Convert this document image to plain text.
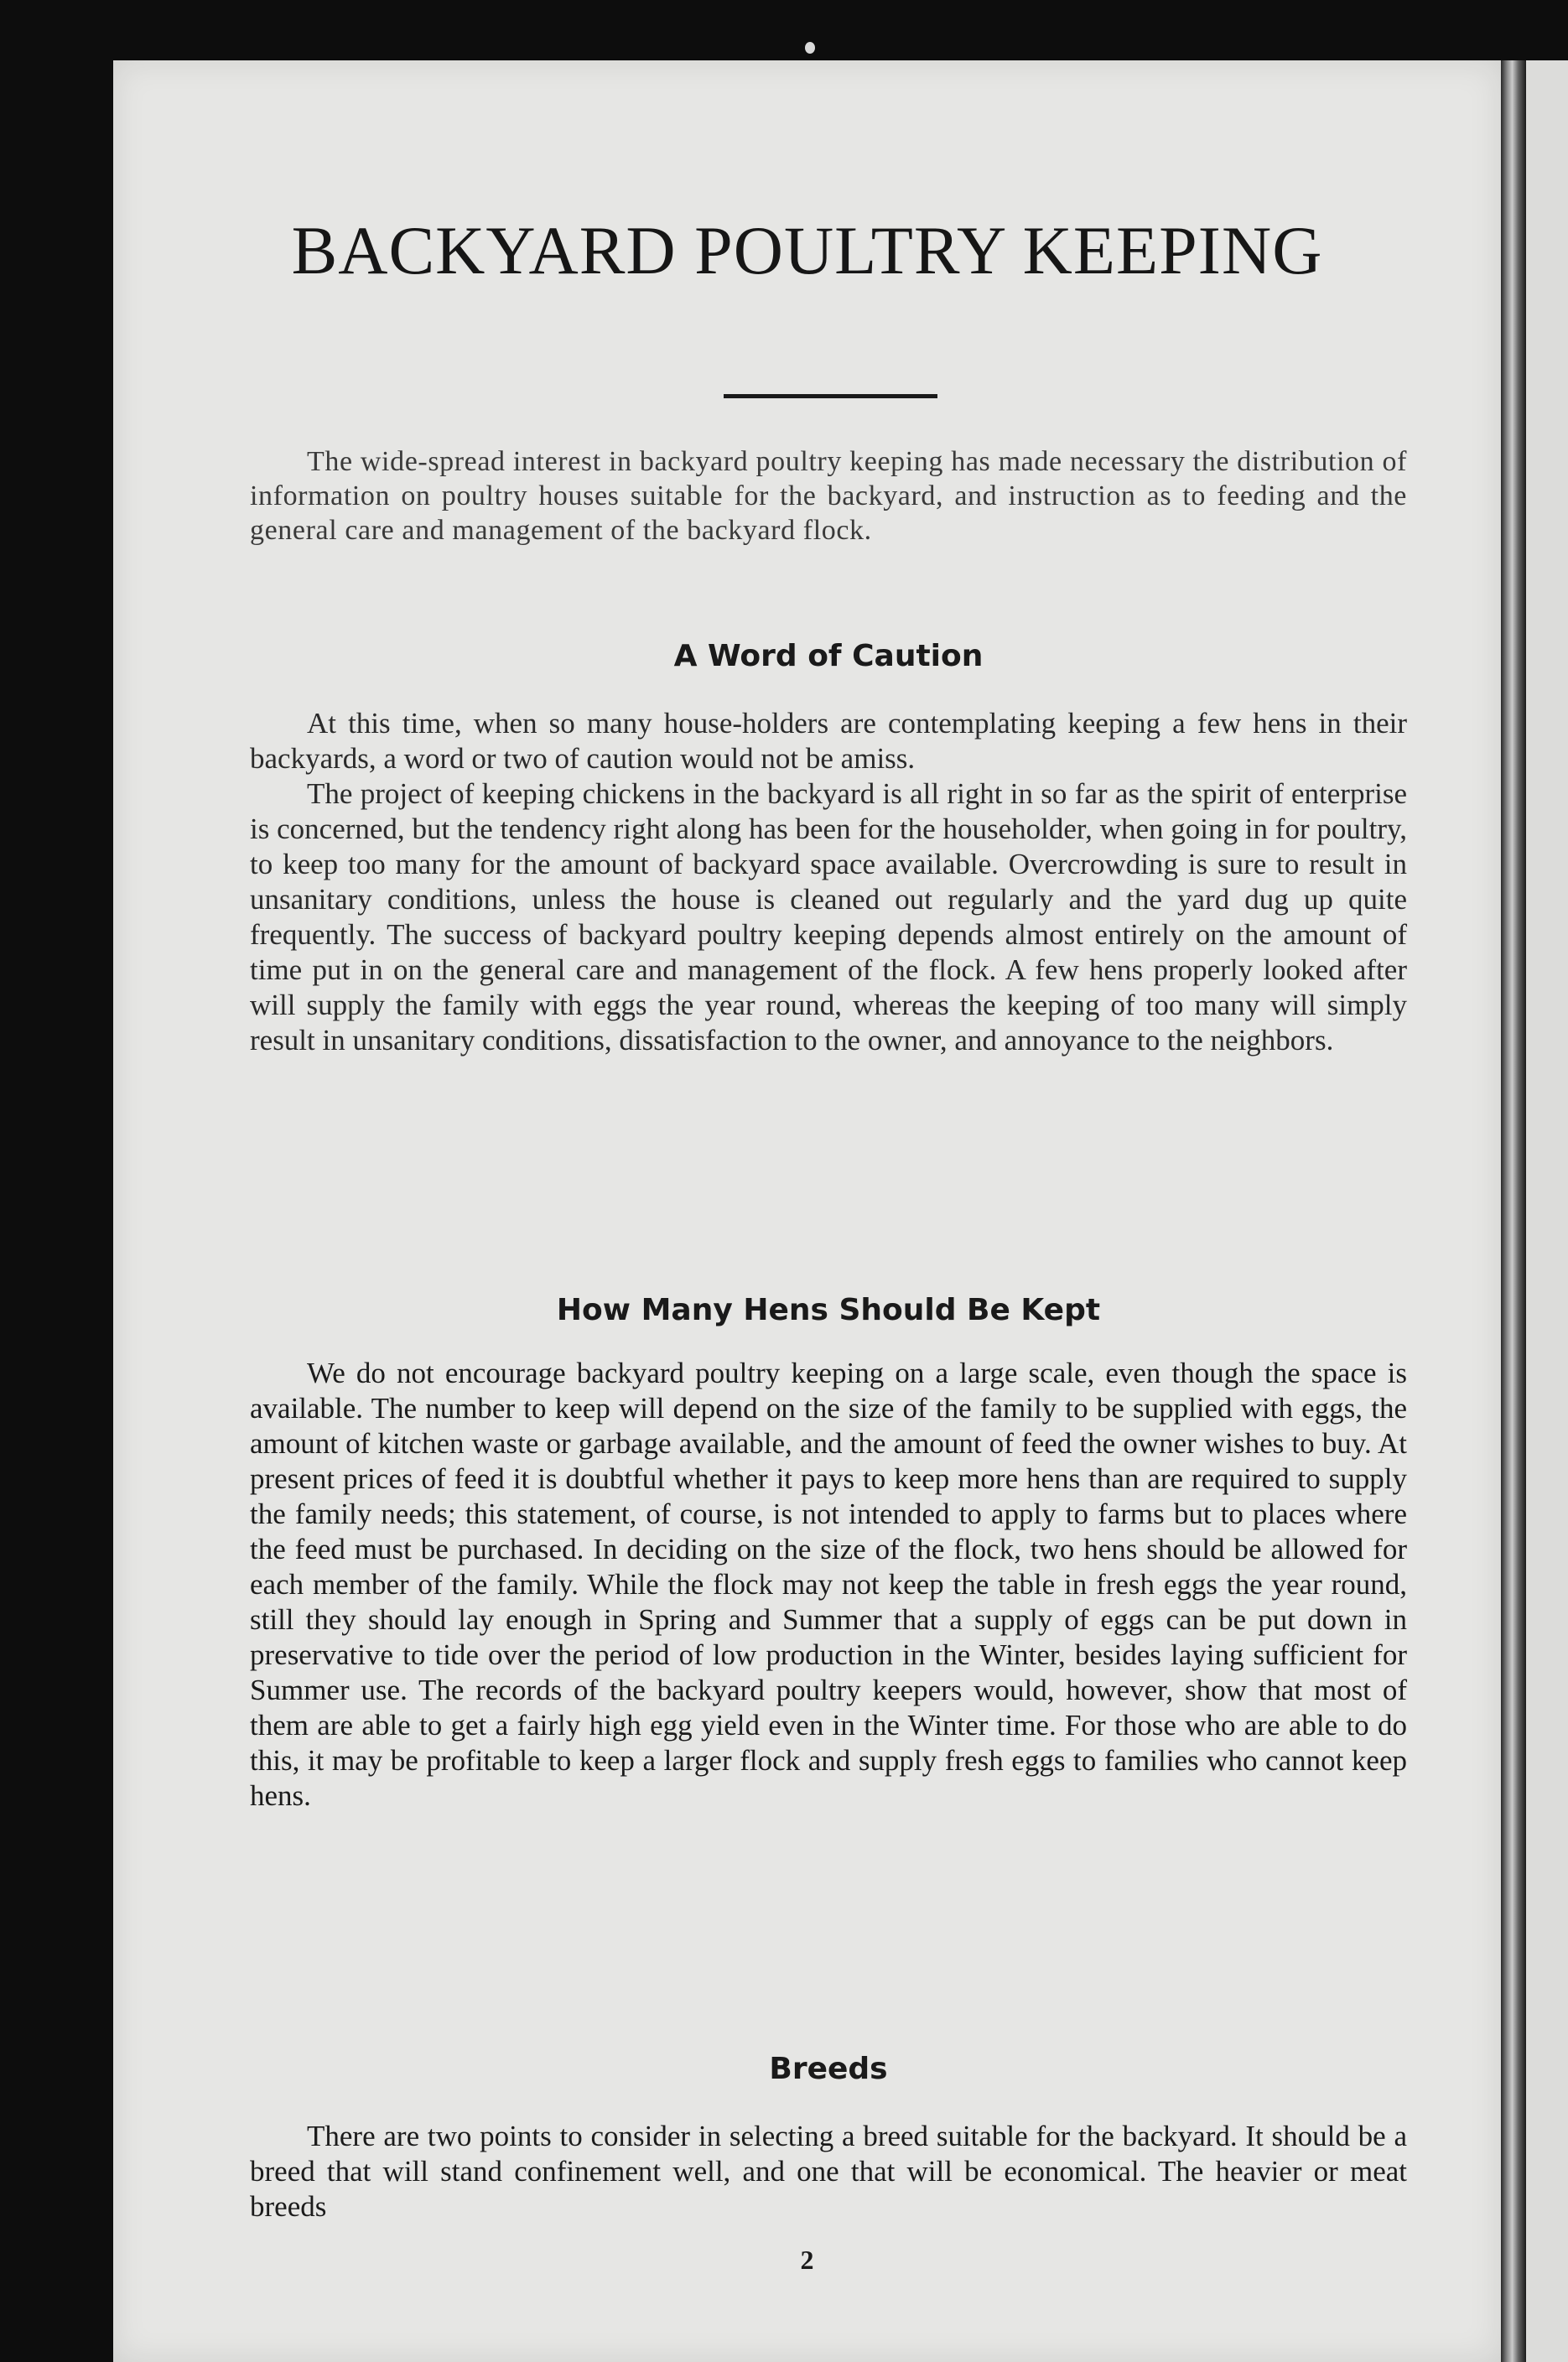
BACKYARD POULTRY KEEPING

The wide-spread interest in backyard poultry keeping has made necessary the distribution of information on poultry houses suitable for the backyard, and instruction as to feeding and the general care and management of the backyard flock.

A Word of Caution

At this time, when so many house-holders are contemplating keeping a few hens in their backyards, a word or two of caution would not be amiss.

The project of keeping chickens in the backyard is all right in so far as the spirit of enterprise is concerned, but the tendency right along has been for the householder, when going in for poultry, to keep too many for the amount of backyard space available. Overcrowding is sure to result in unsanitary conditions, unless the house is cleaned out regularly and the yard dug up quite frequently. The success of backyard poultry keeping depends almost entirely on the amount of time put in on the general care and management of the flock. A few hens properly looked after will supply the family with eggs the year round, whereas the keeping of too many will simply result in unsanitary conditions, dissatisfaction to the owner, and annoyance to the neighbors.

How Many Hens Should Be Kept

We do not encourage backyard poultry keeping on a large scale, even though the space is available. The number to keep will depend on the size of the family to be supplied with eggs, the amount of kitchen waste or garbage available, and the amount of feed the owner wishes to buy. At present prices of feed it is doubtful whether it pays to keep more hens than are required to supply the family needs; this statement, of course, is not intended to apply to farms but to places where the feed must be purchased. In deciding on the size of the flock, two hens should be allowed for each member of the family. While the flock may not keep the table in fresh eggs the year round, still they should lay enough in Spring and Summer that a supply of eggs can be put down in preservative to tide over the period of low production in the Winter, besides laying sufficient for Summer use. The records of the backyard poultry keepers would, however, show that most of them are able to get a fairly high egg yield even in the Winter time. For those who are able to do this, it may be profitable to keep a larger flock and supply fresh eggs to families who cannot keep hens.

Breeds

There are two points to consider in selecting a breed suitable for the backyard. It should be a breed that will stand confinement well, and one that will be economical. The heavier or meat breeds

2
